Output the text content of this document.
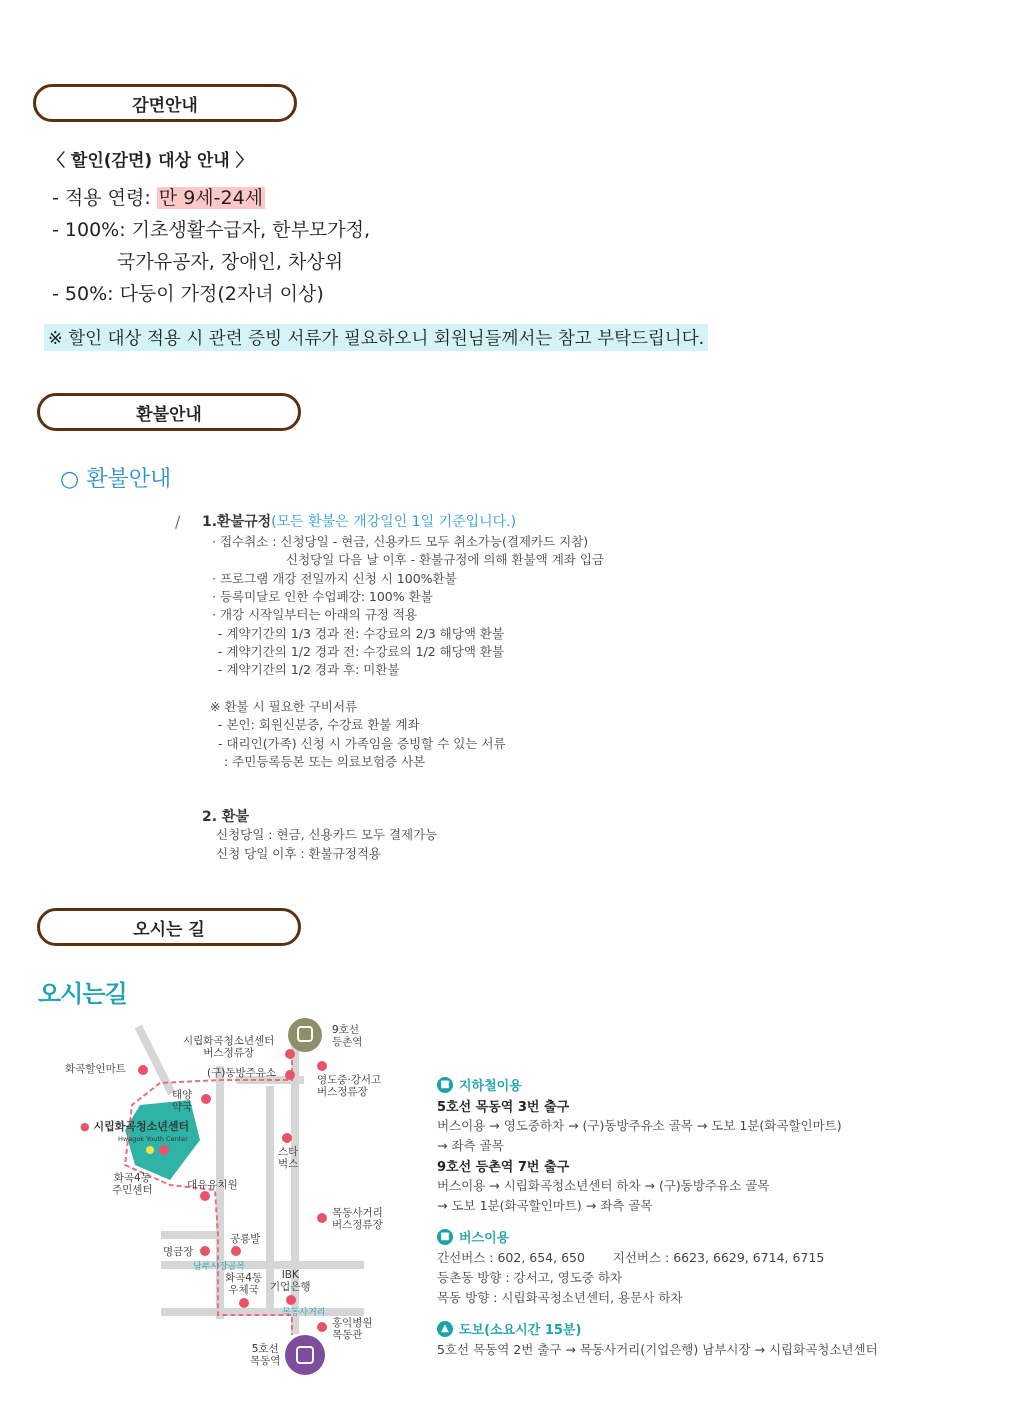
감면안내
〈 할인(감면) 대상 안내 〉
- 적용 연령: 만 9세-24세
- 100%: 기초생활수급자, 한부모가정,
국가유공자, 장애인, 차상위
- 50%: 다둥이 가정(2자녀 이상)
※ 할인 대상 적용 시 관련 증빙 서류가 필요하오니 회원님들께서는 참고 부탁드립니다.
환불안내
○ 환불안내
/ 1.환불규정(모든 환불은 개강일인 1일 기준입니다.)
· 접수취소 : 신청당일 - 현금, 신용카드 모두 취소가능(결제카드 지참)
신청당일 다음 날 이후 - 환불규정에 의해 환불액 계좌 입금
· 프로그램 개강 전일까지 신청 시 100%환불
· 등록미달로 인한 수업폐강: 100% 환불
· 개강 시작일부터는 아래의 규정 적용
- 계약기간의 1/3 경과 전: 수강료의 2/3 해당액 환불
- 계약기간의 1/2 경과 전: 수강료의 1/2 해당액 환불
- 계약기간의 1/2 경과 후: 미환불
※ 환불 시 필요한 구비서류
- 본인: 회원신분증, 수강료 환불 계좌
- 대리인(가족) 신청 시 가족임을 증빙할 수 있는 서류
: 주민등록등본 또는 의료보험증 사본
2. 환불
신청당일 : 현금, 신용카드 모두 결제가능
신청 당일 이후 : 환불규정적용
오시는 길
오시는길
시립화곡청소년센터
버스정류장
9호선
등촌역
(구)동방주유소
화곡할인마트
영도중·강서고
버스정류장
태양
약국
● 시립화곡청소년센터
Hwagok Youth Center
스타
벅스
화곡4동
주민센터	대유유치원
목동사거리
버스정류장
공룡발
명금장
남부시장골목
화곡4동
우체국
IBK
기업은행
목동사거리
홍익병원
목동관
5호선
목동역
■ 지하철이용
5호선 목동역 3번 출구
버스이용 → 영도중하차 → (구)동방주유소 골목 → 도보 1분(화곡할인마트)
→ 좌측 골목
9호선 등촌역 7번 출구
버스이용 → 시립화곡청소년센터 하차 → (구)동방주유소 골목
→ 도보 1분(화곡할인마트) → 좌측 골목
■ 버스이용
간선버스 : 602, 654, 650       지선버스 : 6623, 6629, 6714, 6715
등촌동 방향 : 강서고, 영도중 하차
목동 방향 : 시립화곡청소년센터, 용문사 하차
▲ 도보(소요시간 15분)
5호선 목동역 2번 출구 → 목동사거리(기업은행) 남부시장 → 시립화곡청소년센터
